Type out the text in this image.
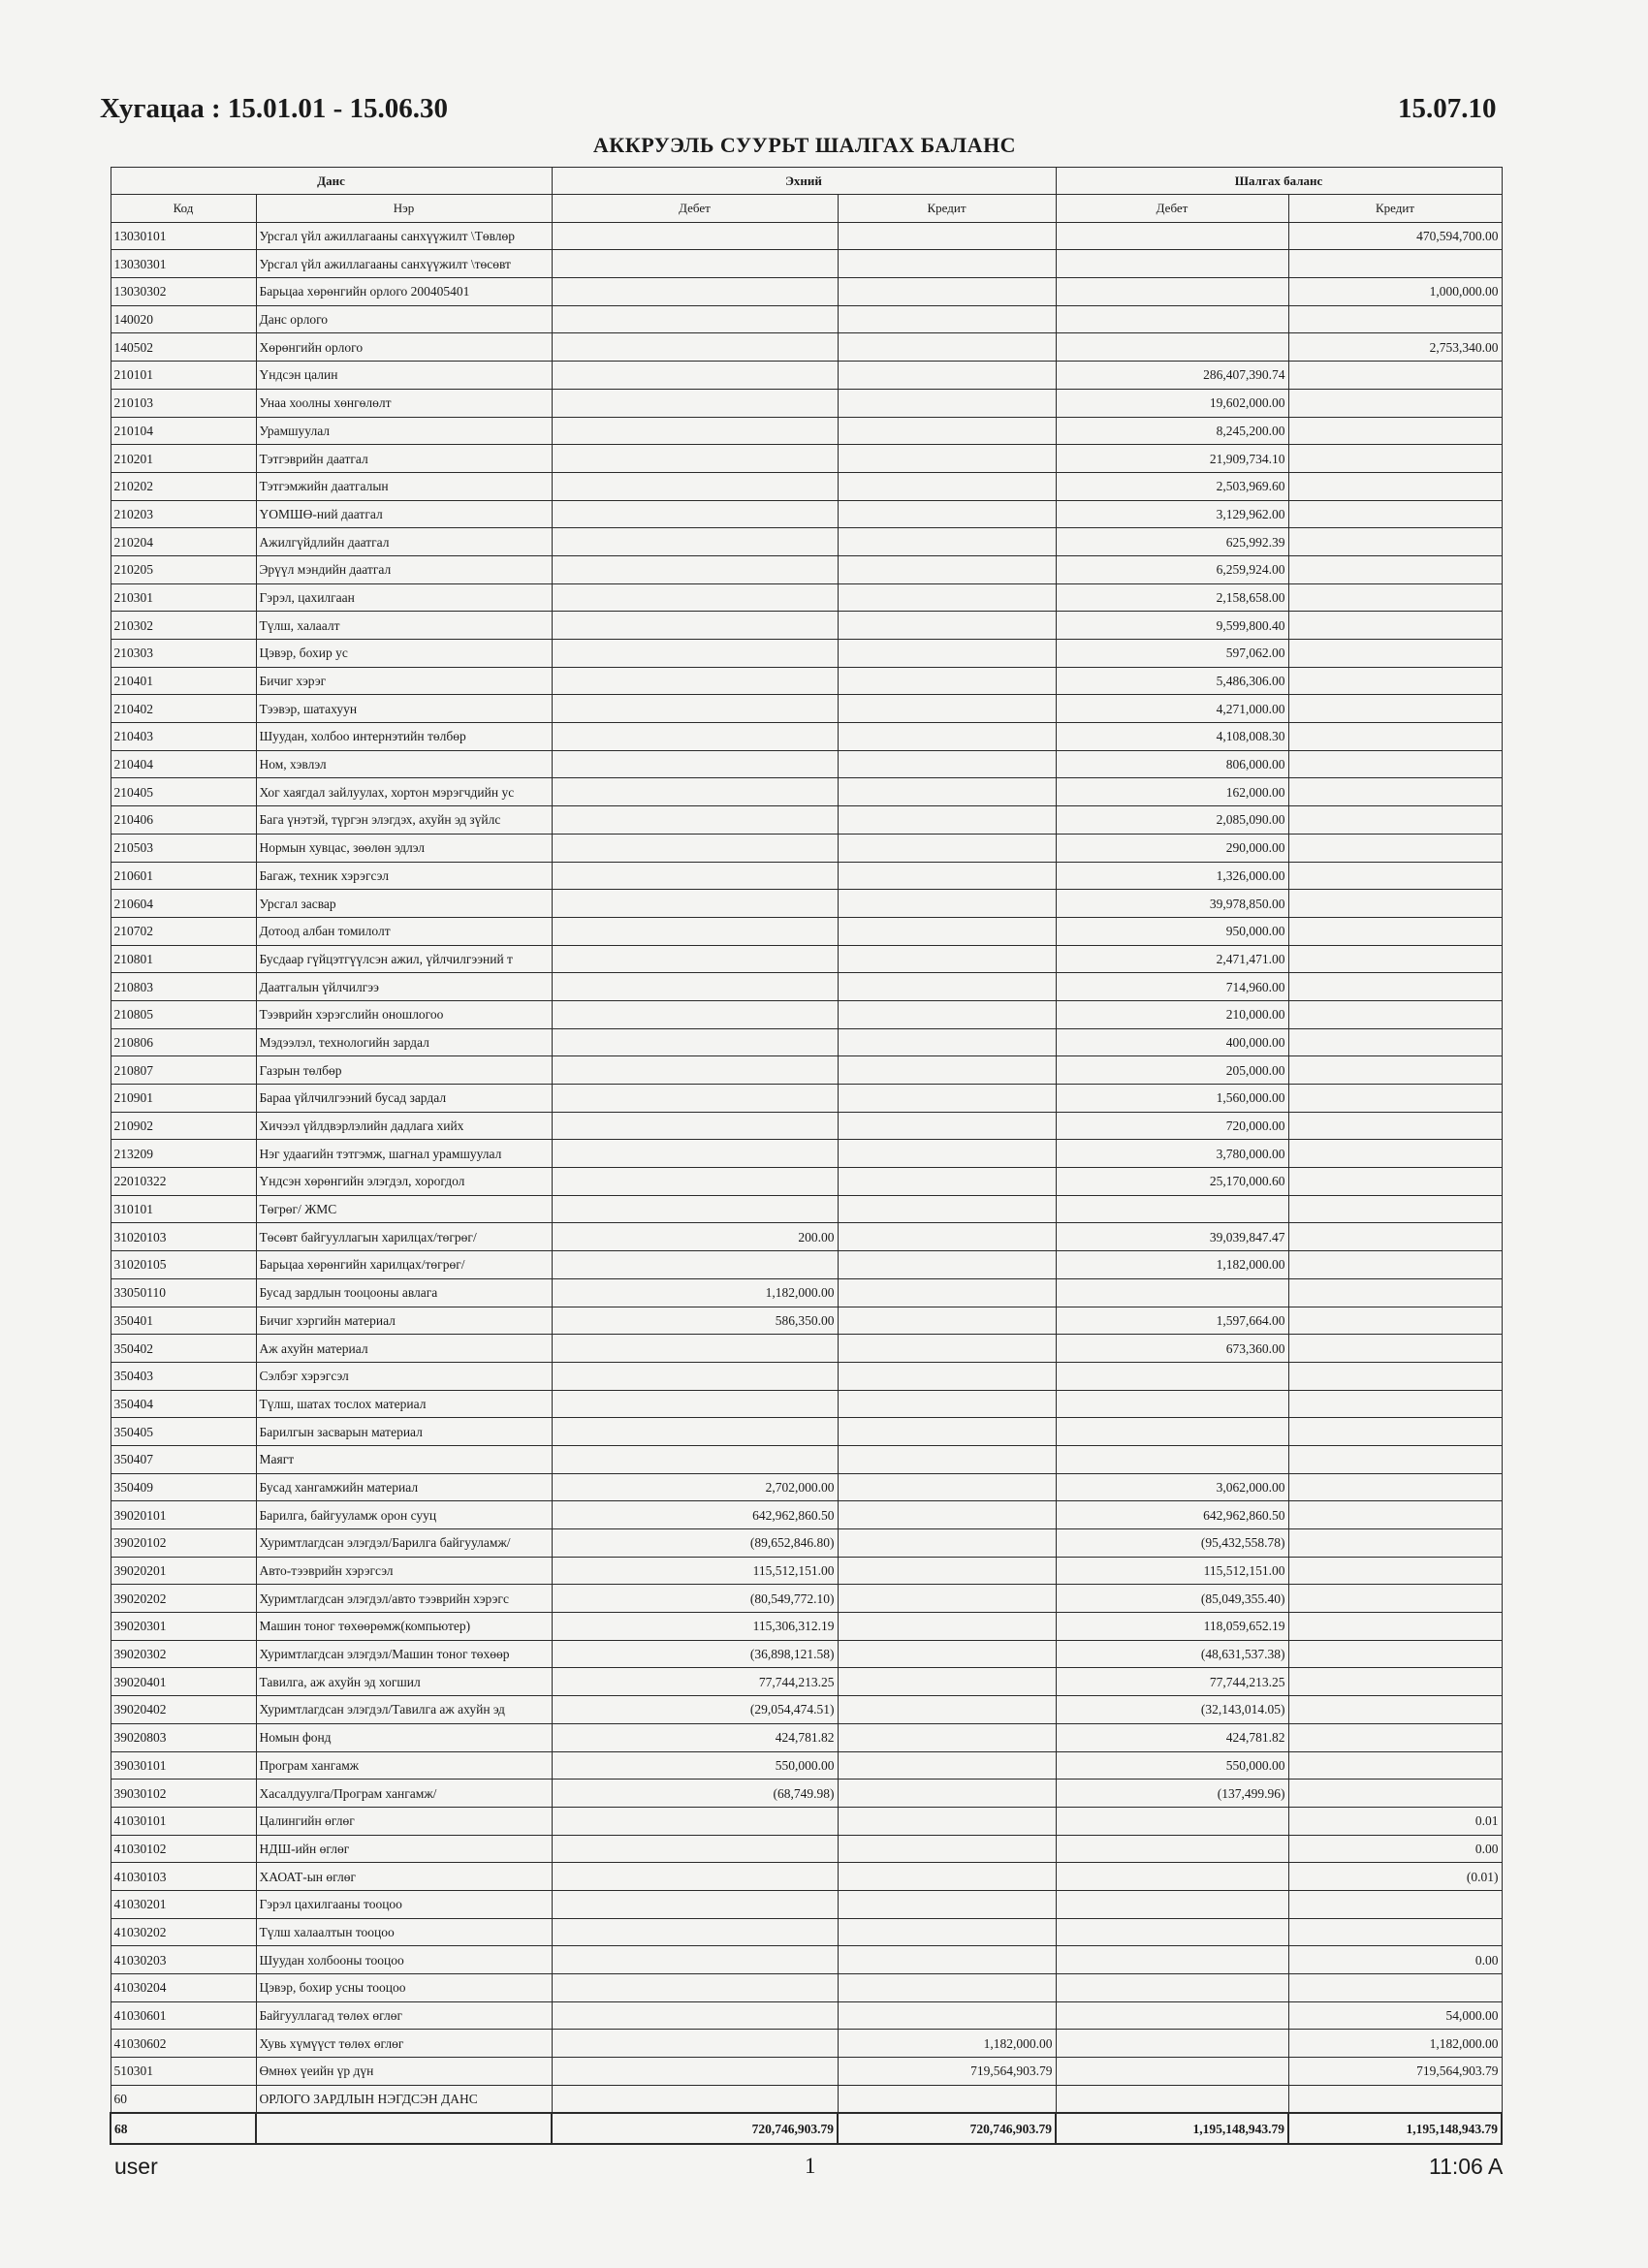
Хугацаа : 15.01.01 - 15.06.30	15.07.10
АККРУЭЛЬ СУУРЬТ ШАЛГАХ БАЛАНС
Данс		Эхний		Шалгах баланс	
Код	Нэр	Дебет	Кредит	Дебет	Кредит
13030101	Урсгал үйл ажиллагааны санхүүжилт \Төвлөр				470,594,700.00
13030301	Урсгал үйл ажиллагааны санхүүжилт \төсөвт				
13030302	Барьцаа хөрөнгийн орлого 200405401				1,000,000.00
140020	Данс орлого				
140502	Хөрөнгийн орлого				2,753,340.00
210101	Үндсэн цалин			286,407,390.74	
210103	Унаа хоолны хөнгөлөлт			19,602,000.00	
210104	Урамшуулал			8,245,200.00	
210201	Тэтгэврийн даатгал			21,909,734.10	
210202	Тэтгэмжийн даатгалын			2,503,969.60	
210203	ҮОМШӨ-ний даатгал			3,129,962.00	
210204	Ажилгүйдлийн даатгал			625,992.39	
210205	Эрүүл мэндийн даатгал			6,259,924.00	
210301	Гэрэл, цахилгаан			2,158,658.00	
210302	Түлш, халаалт			9,599,800.40	
210303	Цэвэр, бохир ус			597,062.00	
210401	Бичиг хэрэг			5,486,306.00	
210402	Тээвэр, шатахуун			4,271,000.00	
210403	Шуудан, холбоо интернэтийн төлбөр			4,108,008.30	
210404	Ном, хэвлэл			806,000.00	
210405	Хог хаягдал зайлуулах, хортон мэрэгчдийн ус			162,000.00	
210406	Бага үнэтэй, түргэн элэгдэх, ахуйн эд зүйлс			2,085,090.00	
210503	Нормын хувцас, зөөлөн эдлэл			290,000.00	
210601	Багаж, техник хэрэгсэл			1,326,000.00	
210604	Урсгал засвар			39,978,850.00	
210702	Дотоод албан томилолт			950,000.00	
210801	Бусдаар гүйцэтгүүлсэн ажил, үйлчилгээний т			2,471,471.00	
210803	Даатгалын үйлчилгээ			714,960.00	
210805	Тээврийн хэрэгслийн оношлогоо			210,000.00	
210806	Мэдээлэл, технологийн зардал			400,000.00	
210807	Газрын төлбөр			205,000.00	
210901	Бараа үйлчилгээний бусад зардал			1,560,000.00	
210902	Хичээл үйлдвэрлэлийн дадлага хийх			720,000.00	
213209	Нэг удаагийн тэтгэмж, шагнал урамшуулал			3,780,000.00	
22010322	Үндсэн хөрөнгийн элэгдэл, хорогдол			25,170,000.60	
310101	Төгрөг/ ЖМС				
31020103	Төсөвт байгууллагын харилцах/төгрөг/	200.00		39,039,847.47	
31020105	Барьцаа хөрөнгийн харилцах/төгрөг/			1,182,000.00	
33050110	Бусад зардлын тооцооны авлага	1,182,000.00			
350401	Бичиг хэргийн материал	586,350.00		1,597,664.00	
350402	Аж ахуйн материал			673,360.00	
350403	Сэлбэг хэрэгсэл				
350404	Түлш, шатах тослох материал				
350405	Барилгын засварын материал				
350407	Маягт				
350409	Бусад хангамжийн материал	2,702,000.00		3,062,000.00	
39020101	Барилга, байгууламж орон сууц	642,962,860.50		642,962,860.50	
39020102	Хуримтлагдсан элэгдэл/Барилга байгууламж/	(89,652,846.80)		(95,432,558.78)	
39020201	Авто-тээврийн хэрэгсэл	115,512,151.00		115,512,151.00	
39020202	Хуримтлагдсан элэгдэл/авто тээврийн хэрэгс	(80,549,772.10)		(85,049,355.40)	
39020301	Машин тоног төхөөрөмж(компьютер)	115,306,312.19		118,059,652.19	
39020302	Хуримтлагдсан элэгдэл/Машин тоног төхөөр	(36,898,121.58)		(48,631,537.38)	
39020401	Тавилга, аж ахуйн эд хогшил	77,744,213.25		77,744,213.25	
39020402	Хуримтлагдсан элэгдэл/Тавилга аж ахуйн эд	(29,054,474.51)		(32,143,014.05)	
39020803	Номын фонд	424,781.82		424,781.82	
39030101	Програм хангамж	550,000.00		550,000.00	
39030102	Хасалдуулга/Програм хангамж/	(68,749.98)		(137,499.96)	
41030101	Цалингийн өглөг				0.01
41030102	НДШ-ийн өглөг				0.00
41030103	ХАОАТ-ын өглөг				(0.01)
41030201	Гэрэл цахилгааны тооцоо				
41030202	Түлш халаалтын тооцоо				
41030203	Шуудан холбооны тооцоо				0.00
41030204	Цэвэр, бохир усны тооцоо				
41030601	Байгууллагад төлөх өглөг				54,000.00
41030602	Хувь хүмүүст төлөх өглөг		1,182,000.00		1,182,000.00
510301	Өмнөх үеийн үр дүн		719,564,903.79		719,564,903.79
60	ОРЛОГО ЗАРДЛЫН НЭГДСЭН ДАНС				
68		720,746,903.79	720,746,903.79	1,195,148,943.79	1,195,148,943.79
user	1	11:06 A
